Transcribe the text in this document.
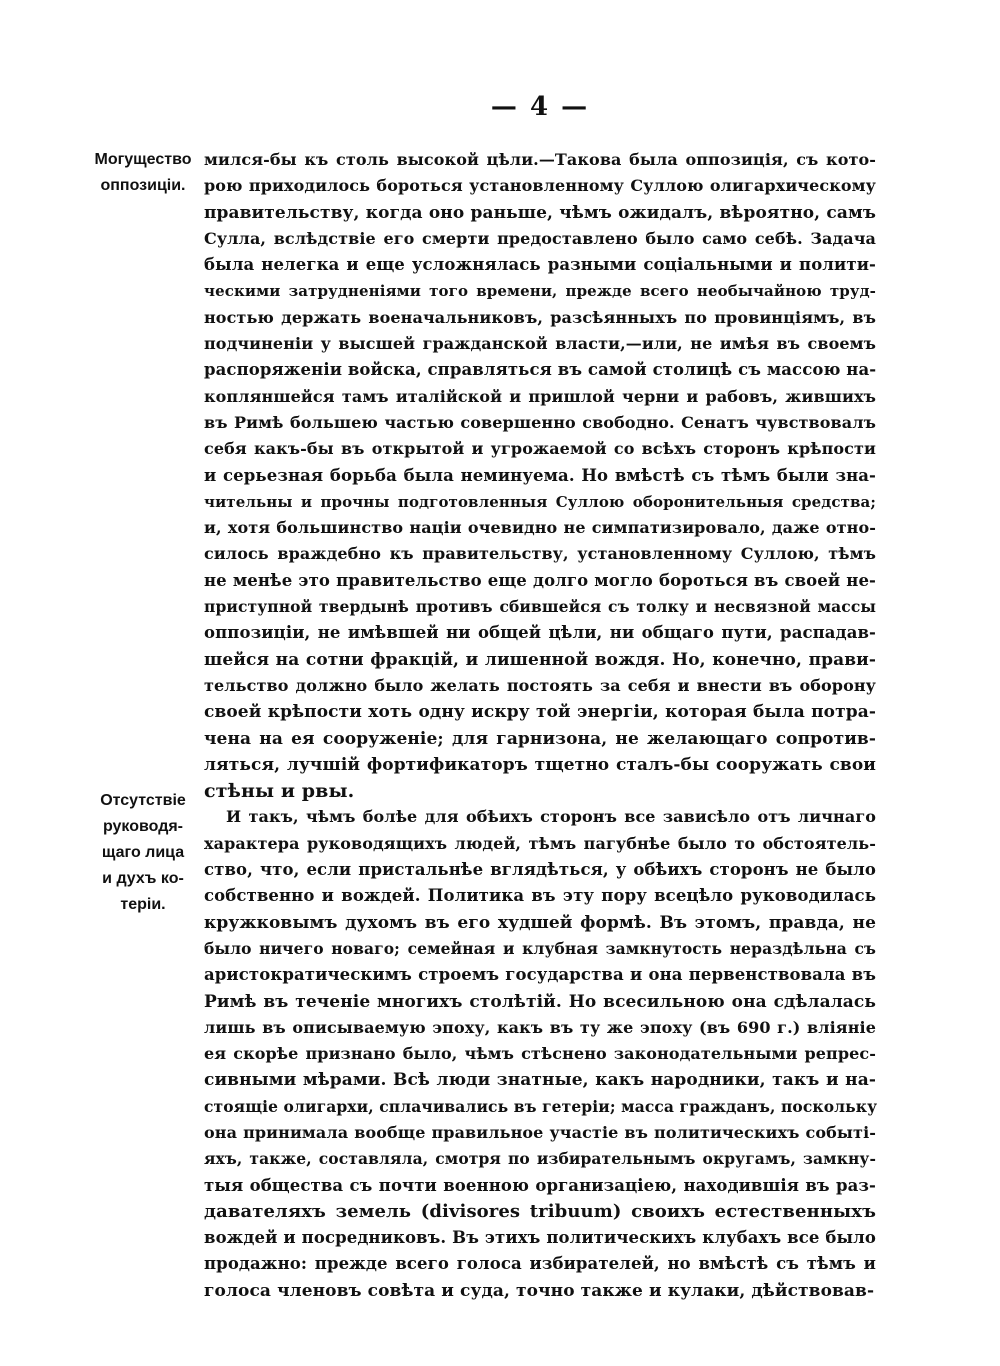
— 4 —
Могущество
оппозиціи.
Отсутствіе
руководя-
щаго лица
и духъ ко-
теріи.
мился-бы къ столь высокой цѣли.—Такова была оппозиція, съ кото-
рою приходилось бороться установленному Суллою олигархическому
правительству, когда оно раньше, чѣмъ ожидалъ, вѣроятно, самъ
Сулла, вслѣдствіе его смерти предоставлено было само себѣ. Задача
была нелегка и еще усложнялась разными соціальными и полити-
ческими затрудненіями того времени, прежде всего необычайною труд-
ностью держать военачальниковъ, разсѣянныхъ по провинціямъ, въ
подчиненіи у высшей гражданской власти,—или, не имѣя въ своемъ
распоряженіи войска, справляться въ самой столицѣ съ массою на-
копляншейся тамъ италійской и пришлой черни и рабовъ, жившихъ
въ Римѣ большею частью совершенно свободно. Сенатъ чувствовалъ
себя какъ-бы въ открытой и угрожаемой со всѣхъ сторонъ крѣпости
и серьезная борьба была неминуема. Но вмѣстѣ съ тѣмъ были зна-
чительны и прочны подготовленныя Суллою оборонительныя средства;
и, хотя большинство націи очевидно не симпатизировало, даже отно-
силось враждебно къ правительству, установленному Суллою, тѣмъ
не менѣе это правительство еще долго могло бороться въ своей не-
приступной твердынѣ противъ сбившейся съ толку и несвязной массы
оппозиціи, не имѣвшей ни общей цѣли, ни общаго пути, распадав-
шейся на сотни фракцій, и лишенной вождя. Но, конечно, прави-
тельство должно было желать постоять за себя и внести въ оборону
своей крѣпости хоть одну искру той энергіи, которая была потра-
чена на ея сооруженіе; для гарнизона, не желающаго сопротив-
ляться, лучшій фортификаторъ тщетно сталъ-бы сооружать свои
стѣны и рвы.
И такъ, чѣмъ болѣе для обѣихъ сторонъ все зависѣло отъ личнаго
характера руководящихъ людей, тѣмъ пагубнѣе было то обстоятель-
ство, что, если пристальнѣе вглядѣться, у обѣихъ сторонъ не было
собственно и вождей. Политика въ эту пору всецѣло руководилась
кружковымъ духомъ въ его худшей формѣ. Въ этомъ, правда, не
было ничего новаго; семейная и клубная замкнутость нераздѣльна съ
аристократическимъ строемъ государства и она первенствовала въ
Римѣ въ теченіе многихъ столѣтій. Но всесильною она сдѣлалась
лишь въ описываемую эпоху, какъ въ ту же эпоху (въ 690 г.) вліяніе
ея скорѣе признано было, чѣмъ стѣснено законодательными репрес-
сивными мѣрами. Всѣ люди знатные, какъ народники, такъ и на-
стоящіе олигархи, сплачивались въ гетеріи; масса гражданъ, поскольку
она принимала вообще правильное участіе въ политическихъ событі-
яхъ, также, составляла, смотря по избирательнымъ округамъ, замкну-
тыя общества съ почти военною организаціею, находившія въ раз-
давателяхъ земель (divisores tribuum) своихъ естественныхъ
вождей и посредниковъ. Въ этихъ политическихъ клубахъ все было
продажно: прежде всего голоса избирателей, но вмѣстѣ съ тѣмъ и
голоса членовъ совѣта и суда, точно также и кулаки, дѣйствовав-
